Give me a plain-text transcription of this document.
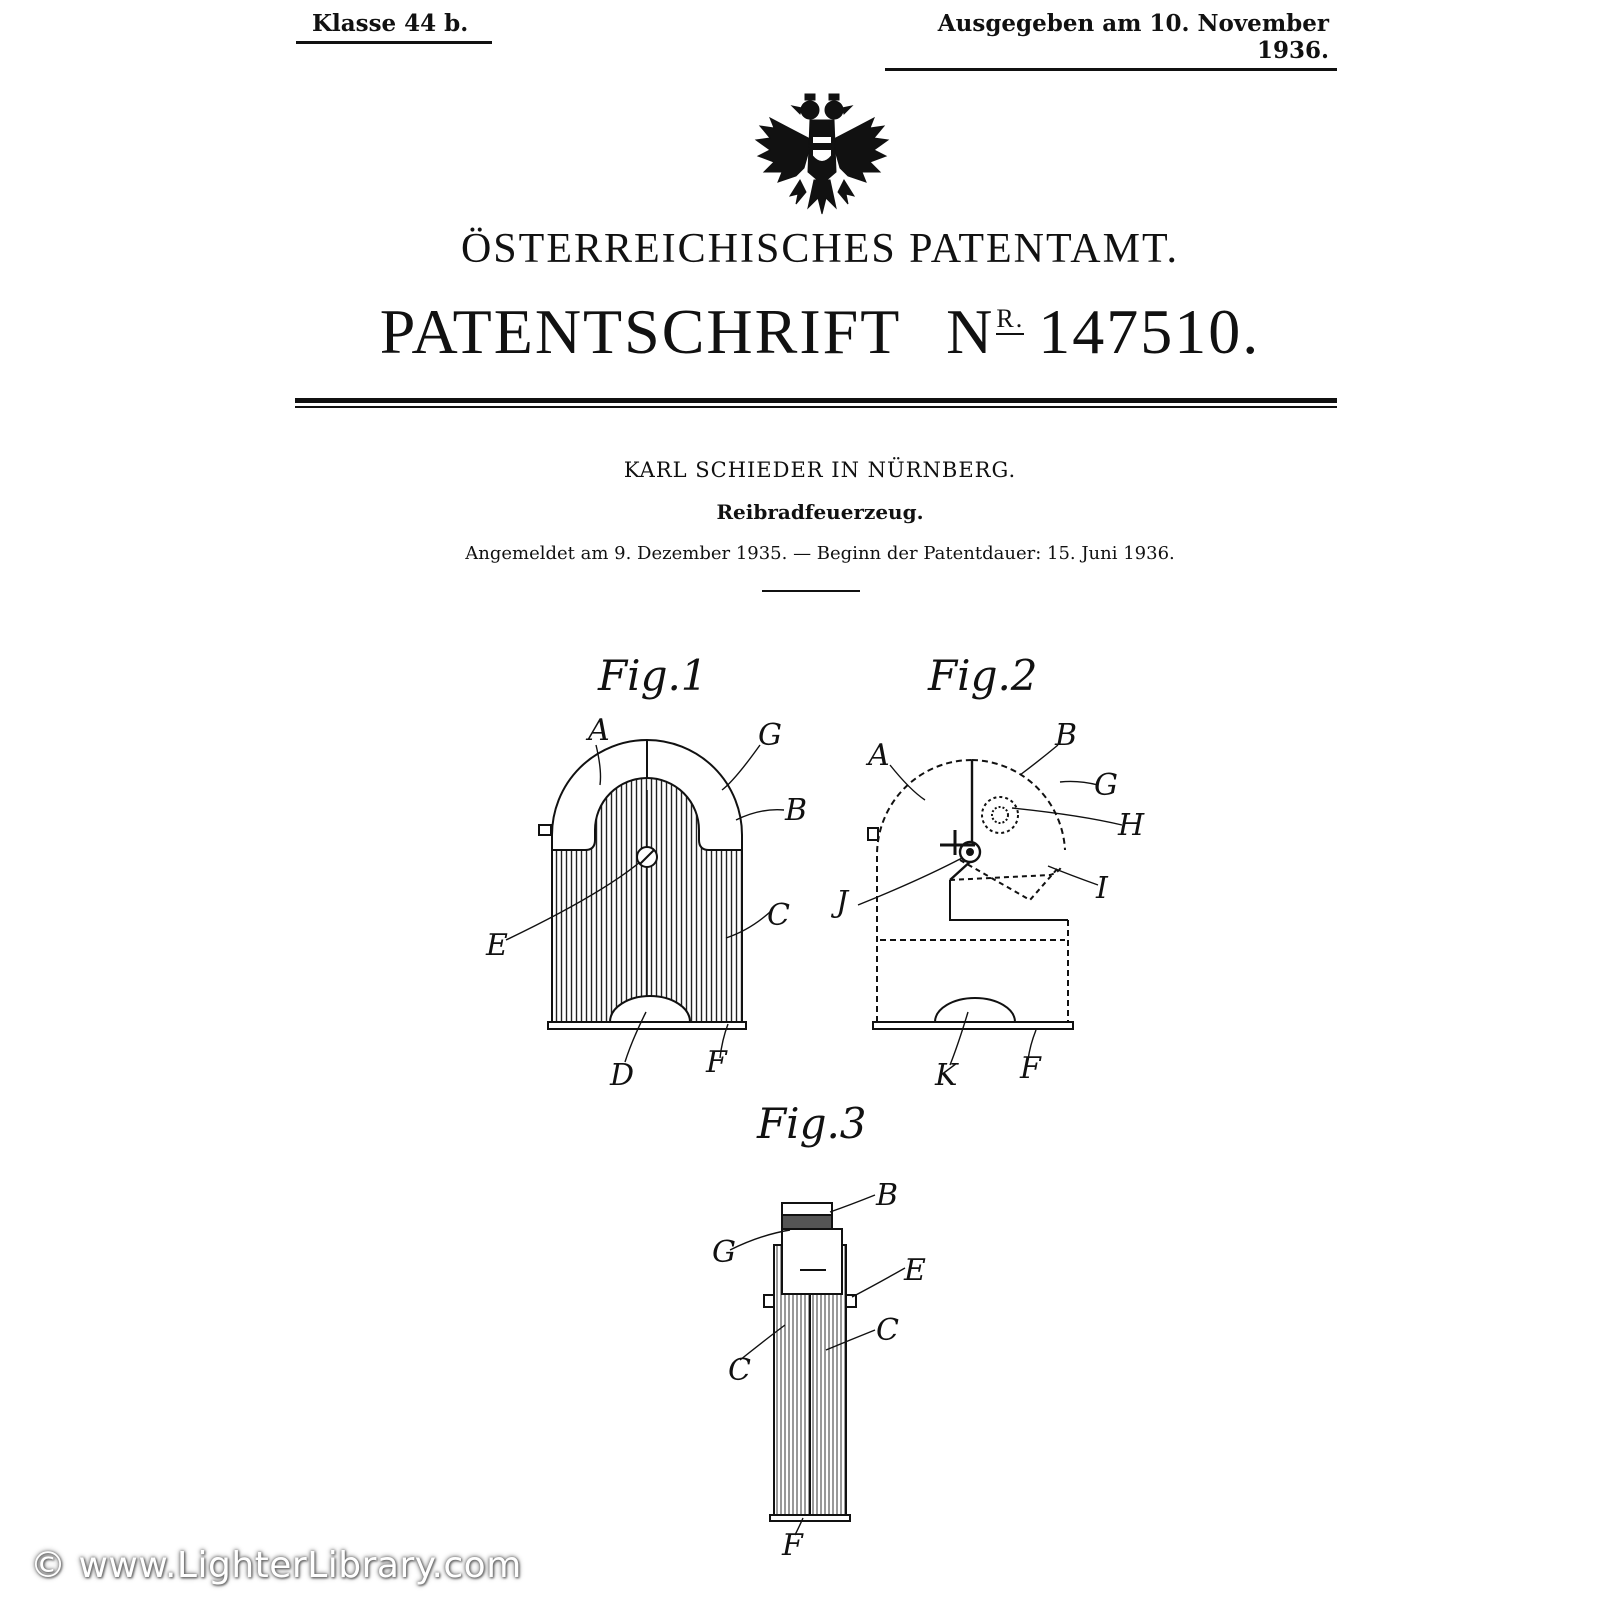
Klasse 44 b.	Ausgegeben am 10. November 1936.
ÖSTERREICHISCHES PATENTAMT.
PATENTSCHRIFT $N^{R.}$ 147510.
KARL SCHIEDER IN NÜRNBERG.
Reibradfeuerzeug.
Angemeldet am 9. Dezember 1935. — Beginn der Patentdauer: 15. Juni 1936.
Fig.1
A	G
B
C
E
D F
Fig.2
A
B
G
H
I
J
K F
Fig.3
B
G
E
C
C
F
© www.LighterLibrary.com
